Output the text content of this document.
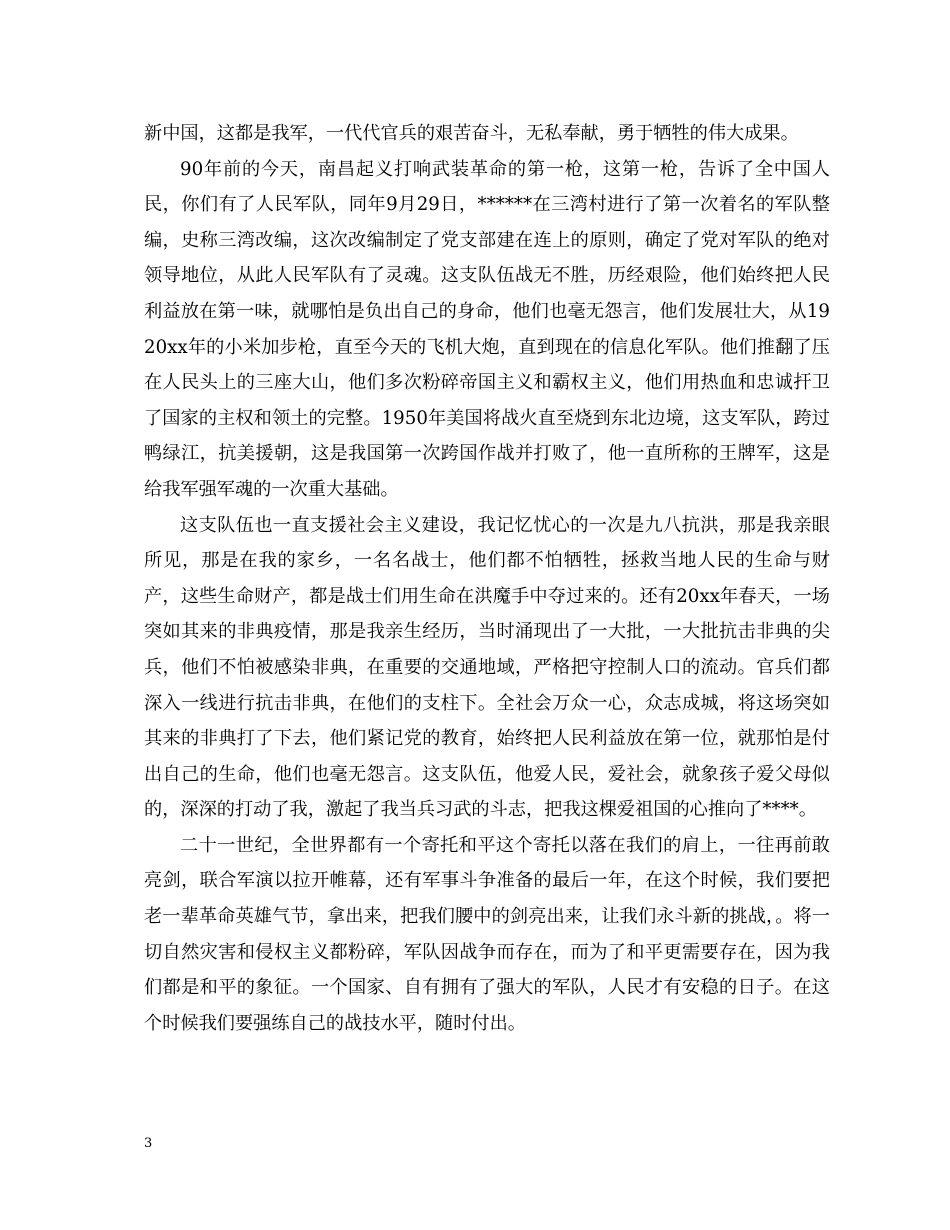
新中国，这都是我军，一代代官兵的艰苦奋斗，无私奉献，勇于牺牲的伟大成果。

90年前的今天，南昌起义打响武装革命的第一枪，这第一枪，告诉了全中国人民，你们有了人民军队，同年9月29日，******在三湾村进行了第一次着名的军队整编，史称三湾改编，这次改编制定了党支部建在连上的原则，确定了党对军队的绝对领导地位，从此人民军队有了灵魂。这支队伍战无不胜，历经艰险，他们始终把人民利益放在第一味，就哪怕是负出自己的身命，他们也毫无怨言，他们发展壮大，从1920xx年的小米加步枪，直至今天的飞机大炮，直到现在的信息化军队。他们推翻了压在人民头上的三座大山，他们多次粉碎帝国主义和霸权主义，他们用热血和忠诚扞卫了国家的主权和领土的完整。1950年美国将战火直至烧到东北边境，这支军队，跨过鸭绿江，抗美援朝，这是我国第一次跨国作战并打败了，他一直所称的王牌军，这是给我军强军魂的一次重大基础。

这支队伍也一直支援社会主义建设，我记忆忧心的一次是九八抗洪，那是我亲眼所见，那是在我的家乡，一名名战士，他们都不怕牺牲，拯救当地人民的生命与财产，这些生命财产，都是战士们用生命在洪魔手中夺过来的。还有20xx年春天，一场突如其来的非典疫情，那是我亲生经历，当时涌现出了一大批，一大批抗击非典的尖兵，他们不怕被感染非典，在重要的交通地域，严格把守控制人口的流动。官兵们都深入一线进行抗击非典，在他们的支柱下。全社会万众一心，众志成城，将这场突如其来的非典打了下去，他们紧记党的教育，始终把人民利益放在第一位，就那怕是付出自己的生命，他们也毫无怨言。这支队伍，他爱人民，爱社会，就象孩子爱父母似的，深深的打动了我，激起了我当兵习武的斗志，把我这棵爱祖国的心推向了****。

二十一世纪，全世界都有一个寄托和平这个寄托以落在我们的肩上，一往再前敢亮剑，联合军演以拉开帷幕，还有军事斗争准备的最后一年，在这个时候，我们要把老一辈革命英雄气节，拿出来，把我们腰中的剑亮出来，让我们永斗新的挑战，。将一切自然灾害和侵权主义都粉碎，军队因战争而存在，而为了和平更需要存在，因为我们都是和平的象征。一个国家、自有拥有了强大的军队，人民才有安稳的日子。在这个时候我们要强练自己的战技水平，随时付出。

3
